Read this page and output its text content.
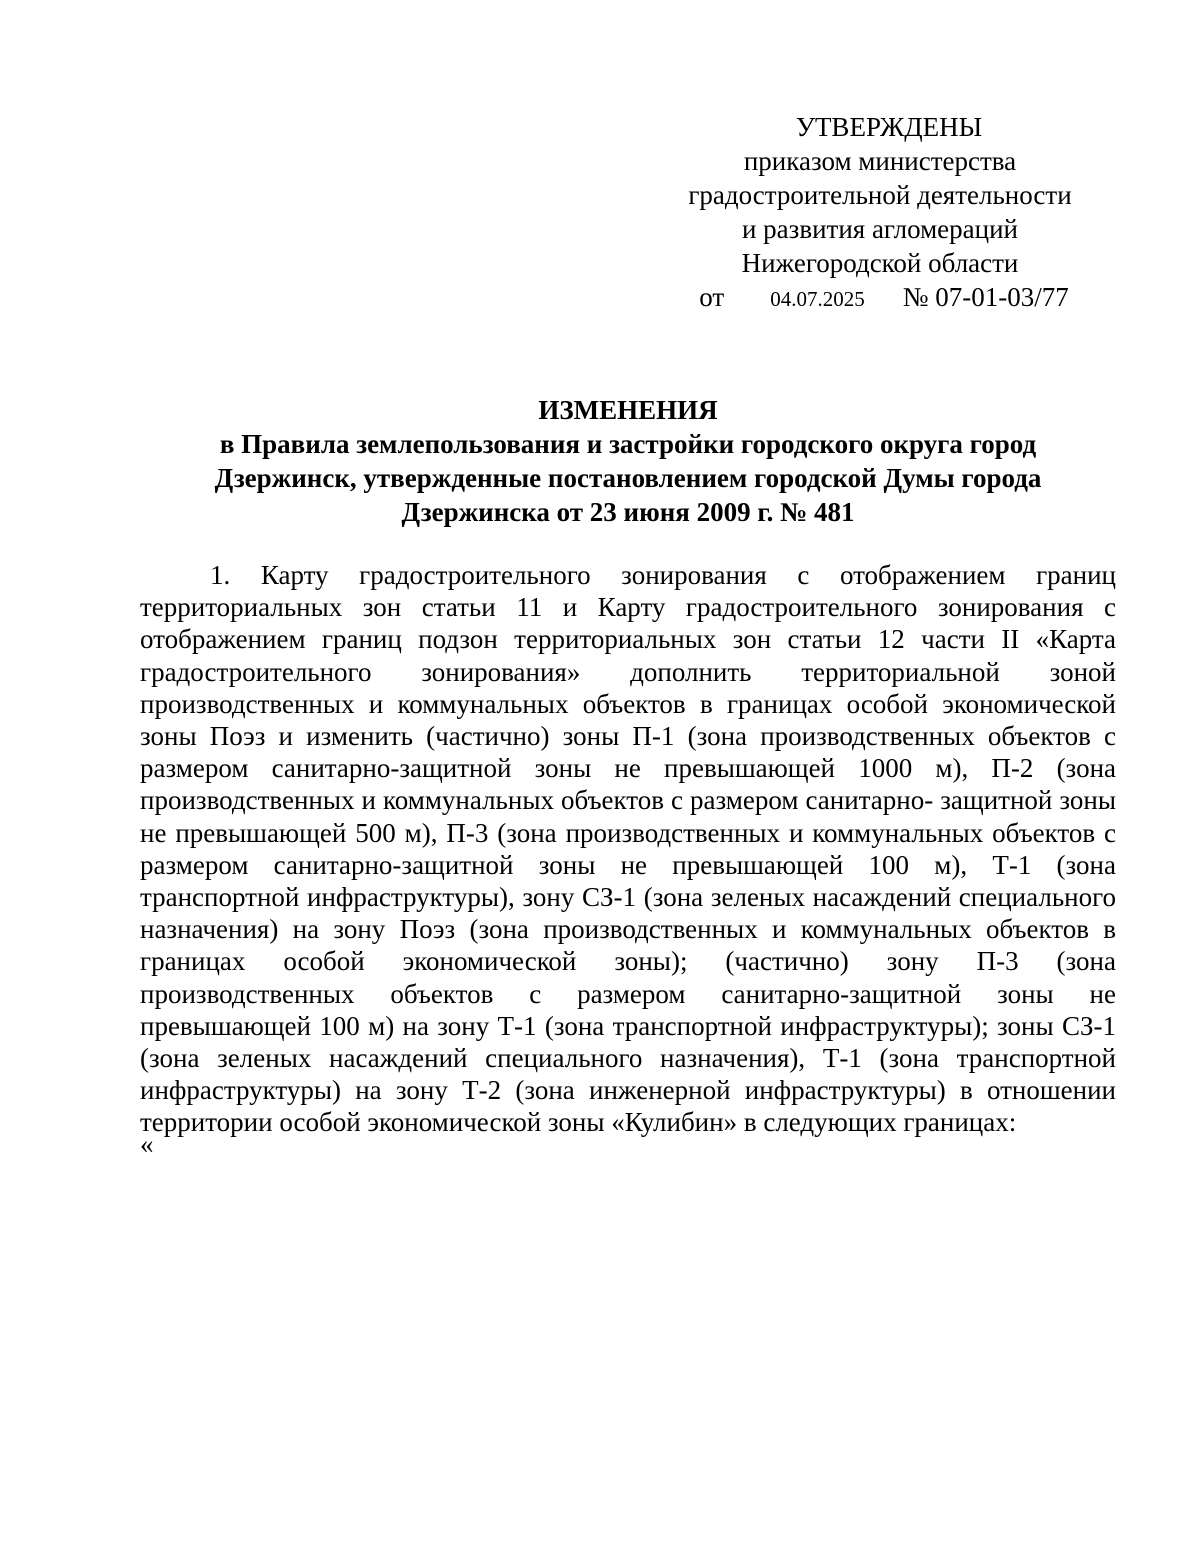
УТВЕРЖДЕНЫ
приказом министерства
градостроительной деятельности
и развития агломераций
Нижегородской области
от 04.07.2025 № 07-01-03/77
ИЗМЕНЕНИЯ
в Правила землепользования и застройки городского округа город
Дзержинск, утвержденные постановлением городской Думы города
Дзержинска от 23 июня 2009 г. № 481

1. Карту градостроительного зонирования с отображением границ территориальных зон статьи 11 и Карту градостроительного зонирования с отображением границ подзон территориальных зон статьи 12 части II «Карта градостроительного зонирования» дополнить территориальной зоной производственных и коммунальных объектов в границах особой экономической зоны Поэз и изменить (частично) зоны П-1 (зона производственных объектов с размером санитарно-защитной зоны не превышающей 1000 м), П-2 (зона производственных и коммунальных объектов с размером санитарно- защитной зоны не превышающей 500 м), П-3 (зона производственных и коммунальных объектов с размером санитарно-защитной зоны не превышающей 100 м), Т-1 (зона транспортной инфраструктуры), зону СЗ-1 (зона зеленых насаждений специального назначения) на зону Поэз (зона производственных и коммунальных объектов в границах особой экономической зоны); (частично) зону П-3 (зона производственных объектов с размером санитарно-защитной зоны не превышающей 100 м) на зону Т-1 (зона транспортной инфраструктуры); зоны СЗ-1 (зона зеленых насаждений специального назначения), Т-1 (зона транспортной инфраструктуры) на зону Т-2 (зона инженерной инфраструктуры) в отношении территории особой экономической зоны «Кулибин» в следующих границах:

«
